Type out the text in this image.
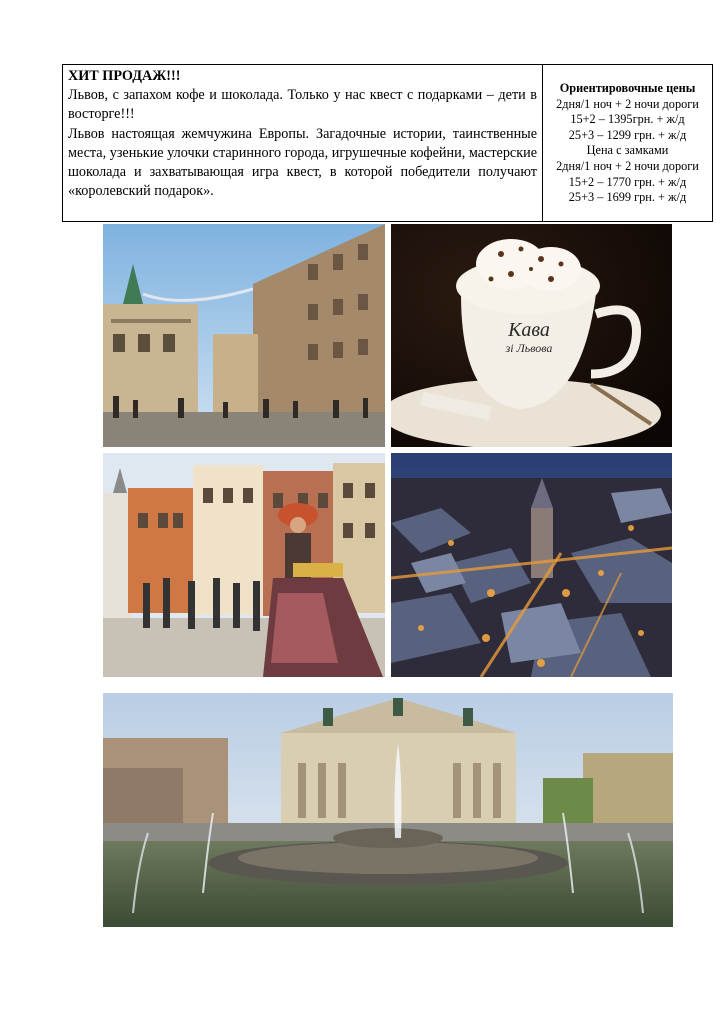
ХИТ ПРОДАЖ!!!

Львов, с запахом кофе и шоколада. Только у нас квест с подарками – дети в восторге!!!

Львов настоящая жемчужина Европы. Загадочные истории, таинственные места, узенькие улочки старинного города, игрушечные кофейни, мастерские шоколада и захватывающая игра квест, в которой победители получают «королевский подарок».

Ориентировочные цены
2дня/1 ноч + 2 ночи дороги
15+2 – 1395грн. + ж/д
25+3 – 1299 грн. + ж/д
Цена с замками
2дня/1 ноч + 2 ночи дороги
15+2 – 1770 грн. + ж/д
25+3 – 1699 грн. + ж/д
Кава
зі Львова
